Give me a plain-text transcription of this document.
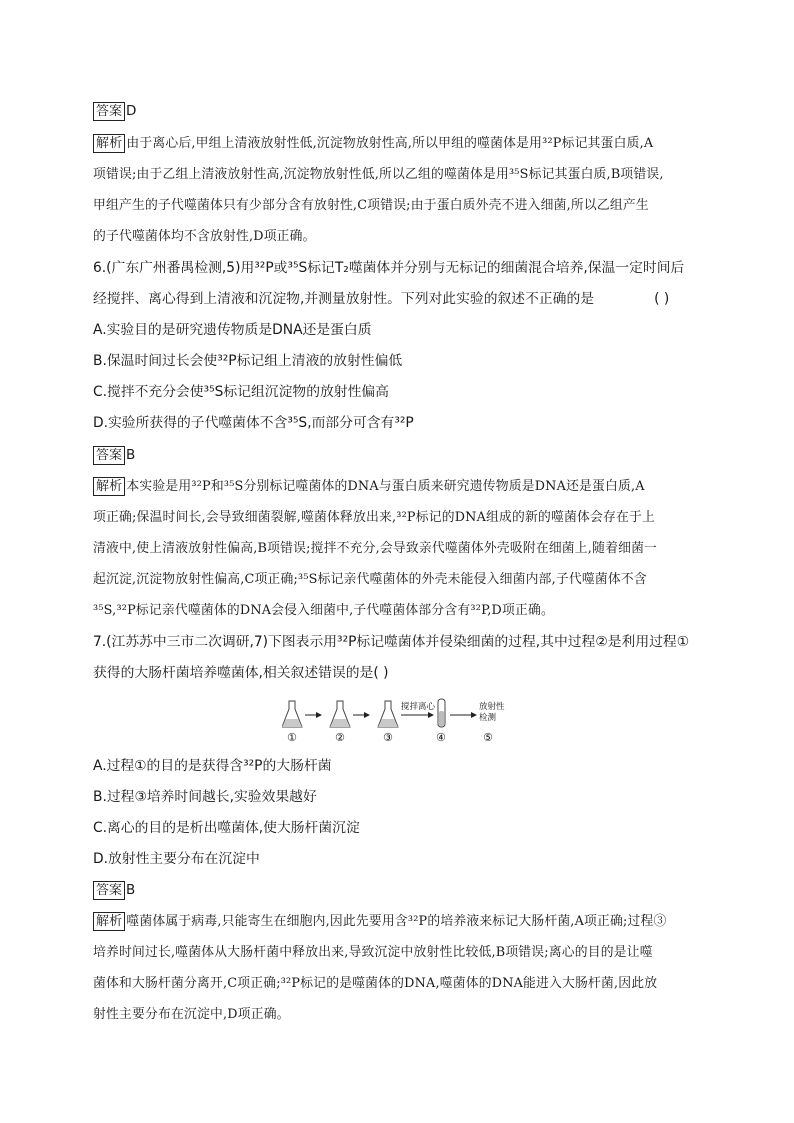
答案 D
解析 由于离心后,甲组上清液放射性低,沉淀物放射性高,所以甲组的噬菌体是用³²P标记其蛋白质,A
项错误;由于乙组上清液放射性高,沉淀物放射性低,所以乙组的噬菌体是用³⁵S标记其蛋白质,B项错误,
甲组产生的子代噬菌体只有少部分含有放射性,C项错误;由于蛋白质外壳不进入细菌,所以乙组产生
的子代噬菌体均不含放射性,D项正确。
6.(广东广州番禺检测,5)用³²P或³⁵S标记T₂噬菌体并分别与无标记的细菌混合培养,保温一定时间后
经搅拌、离心得到上清液和沉淀物,并测量放射性。下列对此实验的叙述不正确的是	( )
A.实验目的是研究遗传物质是DNA还是蛋白质
B.保温时间过长会使³²P标记组上清液的放射性偏低
C.搅拌不充分会使³⁵S标记组沉淀物的放射性偏高
D.实验所获得的子代噬菌体不含³⁵S,而部分可含有³²P
答案 B
解析 本实验是用³²P和³⁵S分别标记噬菌体的DNA与蛋白质来研究遗传物质是DNA还是蛋白质,A
项正确;保温时间长,会导致细菌裂解,噬菌体释放出来,³²P标记的DNA组成的新的噬菌体会存在于上
清液中,使上清液放射性偏高,B项错误;搅拌不充分,会导致亲代噬菌体外壳吸附在细菌上,随着细菌一
起沉淀,沉淀物放射性偏高,C项正确;³⁵S标记亲代噬菌体的外壳未能侵入细菌内部,子代噬菌体不含
³⁵S,³²P标记亲代噬菌体的DNA会侵入细菌中,子代噬菌体部分含有³²P,D项正确。
7.(江苏苏中三市二次调研,7)下图表示用³²P标记噬菌体并侵染细菌的过程,其中过程②是利用过程①
获得的大肠杆菌培养噬菌体,相关叙述错误的是( )
搅拌离心	放射性
检测
①	②	③	④	⑤
A.过程①的目的是获得含³²P的大肠杆菌
B.过程③培养时间越长,实验效果越好
C.离心的目的是析出噬菌体,使大肠杆菌沉淀
D.放射性主要分布在沉淀中
答案 B
解析 噬菌体属于病毒,只能寄生在细胞内,因此先要用含³²P的培养液来标记大肠杆菌,A项正确;过程③
培养时间过长,噬菌体从大肠杆菌中释放出来,导致沉淀中放射性比较低,B项错误;离心的目的是让噬
菌体和大肠杆菌分离开,C项正确;³²P标记的是噬菌体的DNA,噬菌体的DNA能进入大肠杆菌,因此放
射性主要分布在沉淀中,D项正确。
